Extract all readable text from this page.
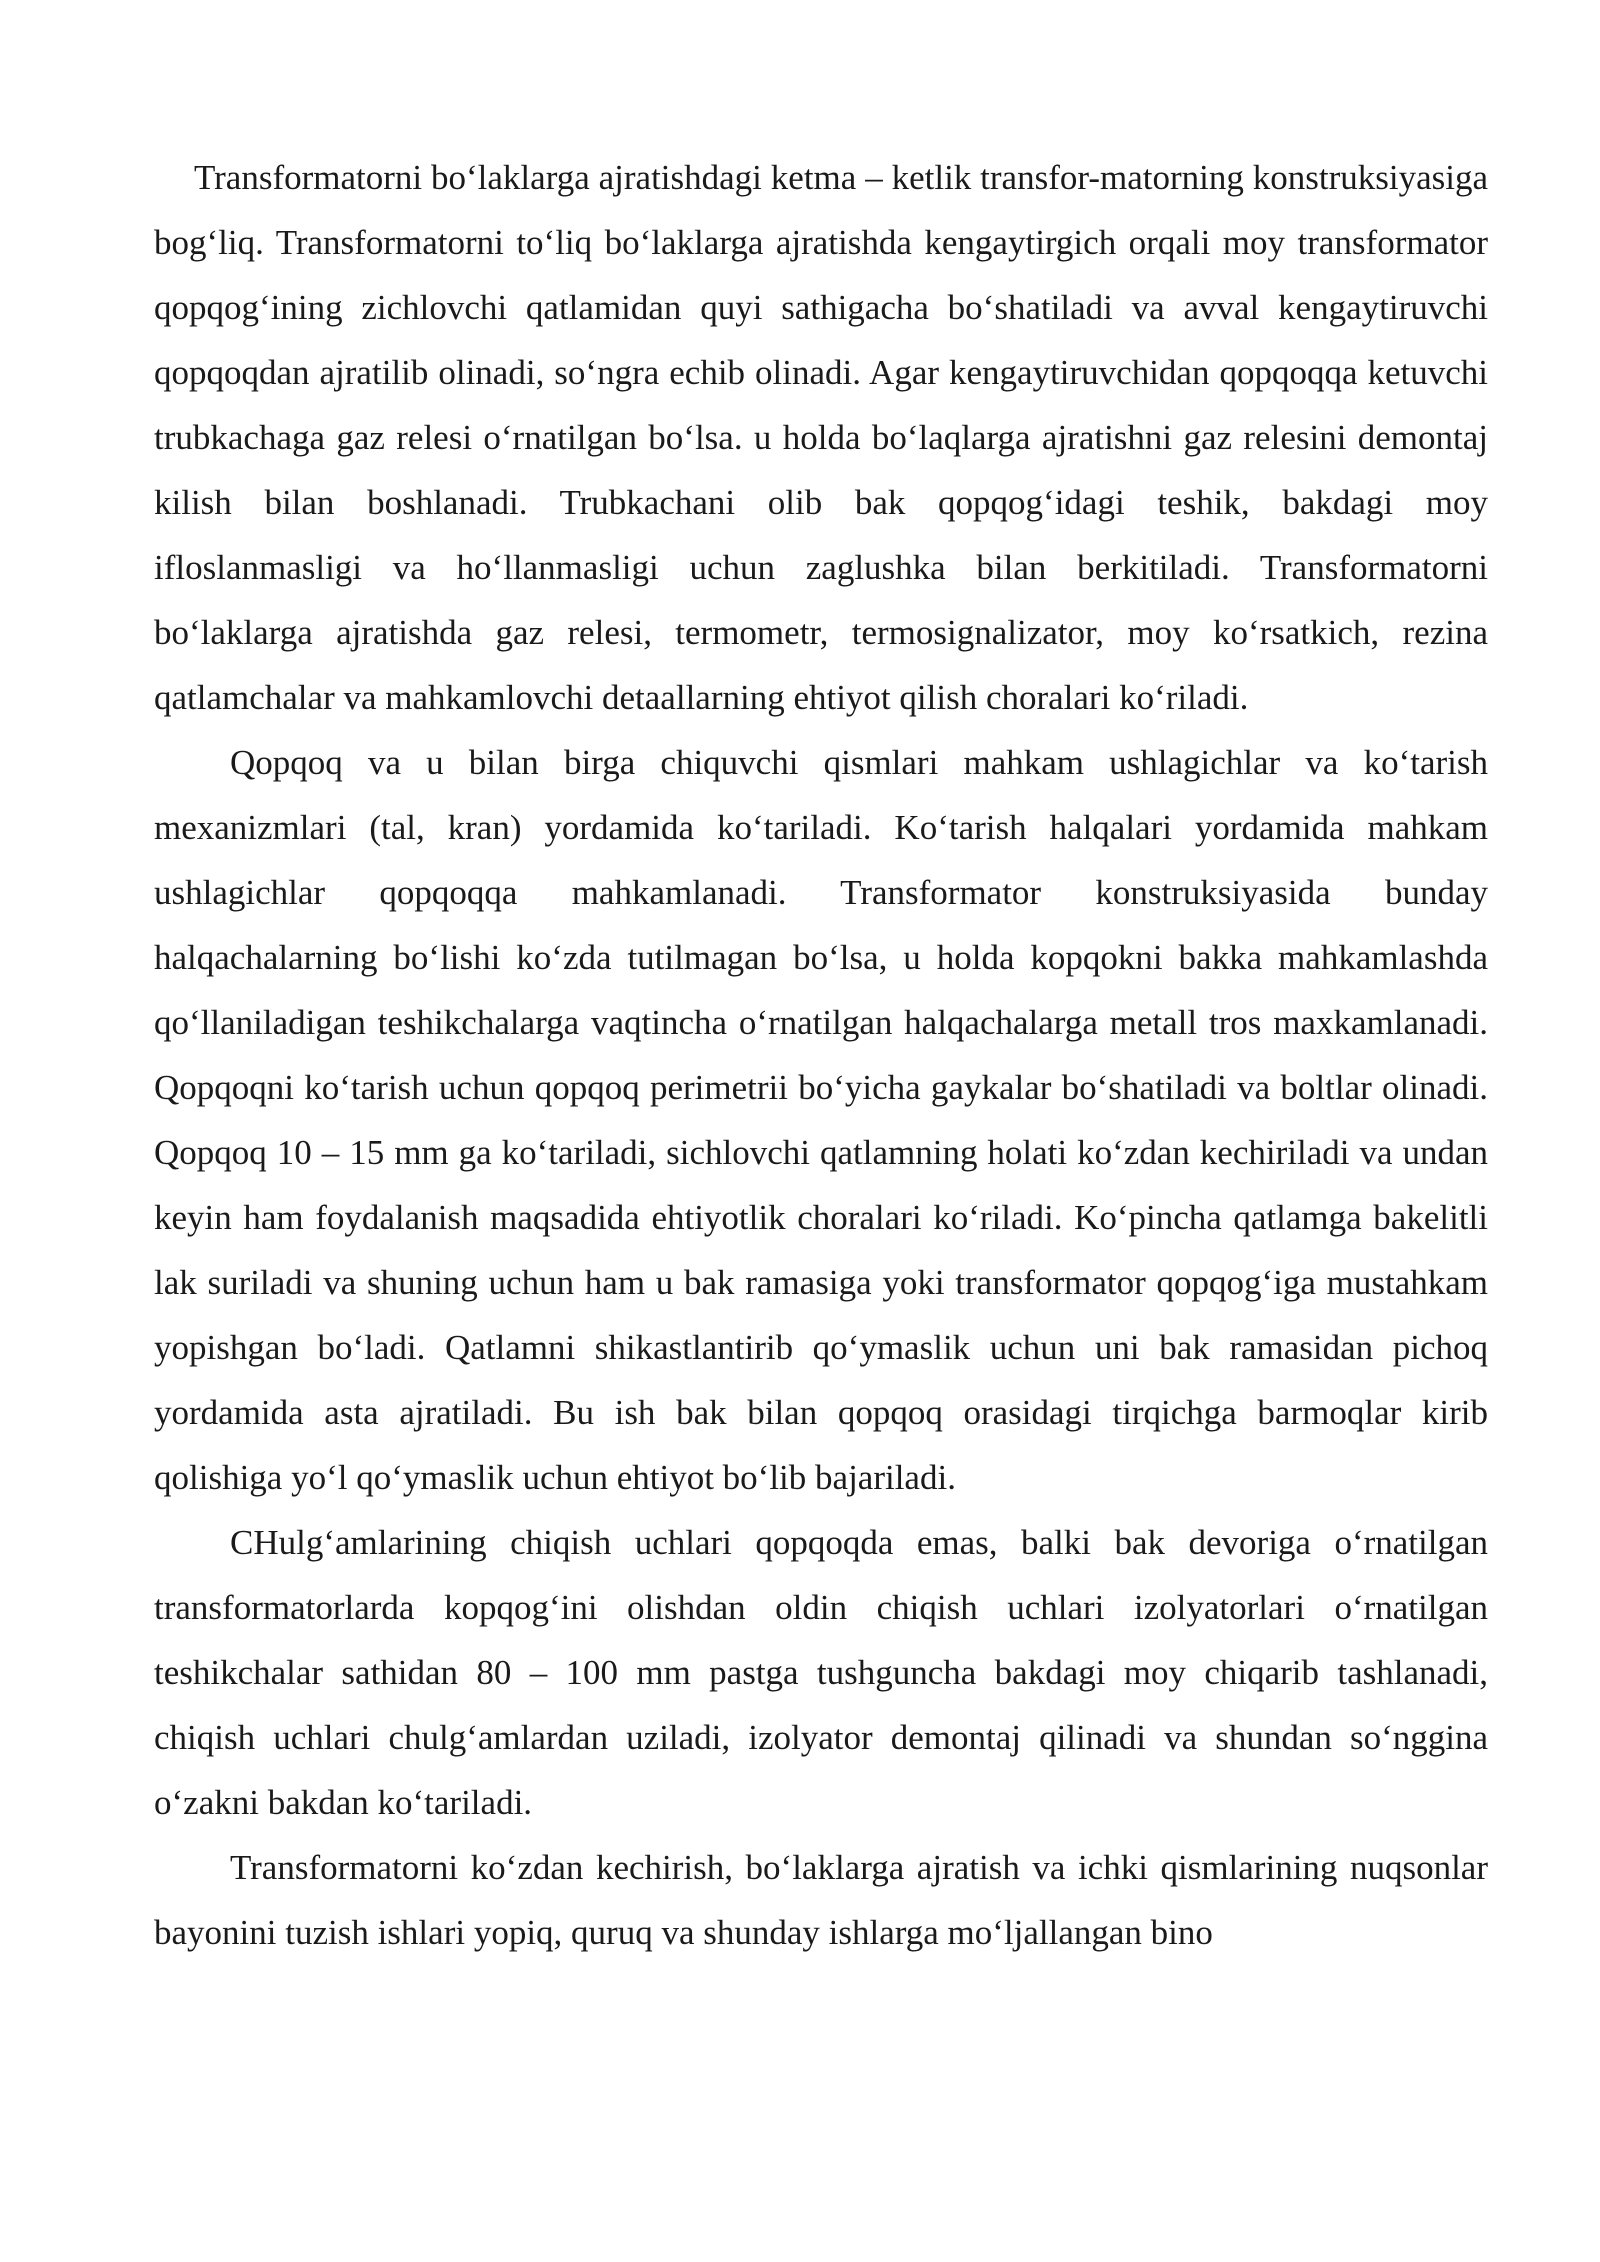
Transformatorni bo‘laklarga ajratishdagi ketma – ketlik transfor-matorning konstruksiyasiga bog‘liq. Transformatorni to‘liq bo‘laklarga ajratishda kengaytirgich orqali moy transformator qopqog‘ining zichlovchi qatlamidan quyi sathigacha bo‘shatiladi va avval kengaytiruvchi qopqoqdan ajratilib olinadi, so‘ngra echib olinadi. Agar kengaytiruvchidan qopqoqqa ketuvchi trubkachaga gaz relesi o‘rnatilgan bo‘lsa. u holda bo‘laqlarga ajratishni gaz relesini demontaj kilish bilan boshlanadi. Trubkachani olib bak qopqog‘idagi teshik, bakdagi moy ifloslanmasligi va ho‘llanmasligi uchun zaglushka bilan berkitiladi. Transformatorni bo‘laklarga ajratishda gaz relesi, termometr, termosignalizator, moy ko‘rsatkich, rezina qatlamchalar va mahkamlovchi detaallarning ehtiyot qilish choralari ko‘riladi.

Qopqoq va u bilan birga chiquvchi qismlari mahkam ushlagichlar va ko‘tarish mexanizmlari (tal, kran) yordamida ko‘tariladi. Ko‘tarish halqalari yordamida mahkam ushlagichlar qopqoqqa mahkamlanadi. Transformator konstruksiyasida bunday halqachalarning bo‘lishi ko‘zda tutilmagan bo‘lsa, u holda kopqokni bakka mahkamlashda qo‘llaniladigan teshikchalarga vaqtincha o‘rnatilgan halqachalarga metall tros maxkamlanadi. Qopqoqni ko‘tarish uchun qopqoq perimetrii bo‘yicha gaykalar bo‘shatiladi va boltlar olinadi. Qopqoq 10 – 15 mm ga ko‘tariladi, sichlovchi qatlamning holati ko‘zdan kechiriladi va undan keyin ham foydalanish maqsadida ehtiyotlik choralari ko‘riladi. Ko‘pincha qatlamga bakelitli lak suriladi va shuning uchun ham u bak ramasiga yoki transformator qopqog‘iga mustahkam yopishgan bo‘ladi. Qatlamni shikastlantirib qo‘ymaslik uchun uni bak ramasidan pichoq yordamida asta ajratiladi. Bu ish bak bilan qopqoq orasidagi tirqichga barmoqlar kirib qolishiga yo‘l qo‘ymaslik uchun ehtiyot bo‘lib bajariladi.

CHulg‘amlarining chiqish uchlari qopqoqda emas, balki bak devoriga o‘rnatilgan transformatorlarda kopqog‘ini olishdan oldin chiqish uchlari izolyatorlari o‘rnatilgan teshikchalar sathidan 80 – 100 mm pastga tushguncha bakdagi moy chiqarib tashlanadi, chiqish uchlari chulg‘amlardan uziladi, izolyator demontaj qilinadi va shundan so‘nggina o‘zakni bakdan ko‘tariladi.

Transformatorni ko‘zdan kechirish, bo‘laklarga ajratish va ichki qismlarining nuqsonlar bayonini tuzish ishlari yopiq, quruq va shunday ishlarga mo‘ljallangan bino
